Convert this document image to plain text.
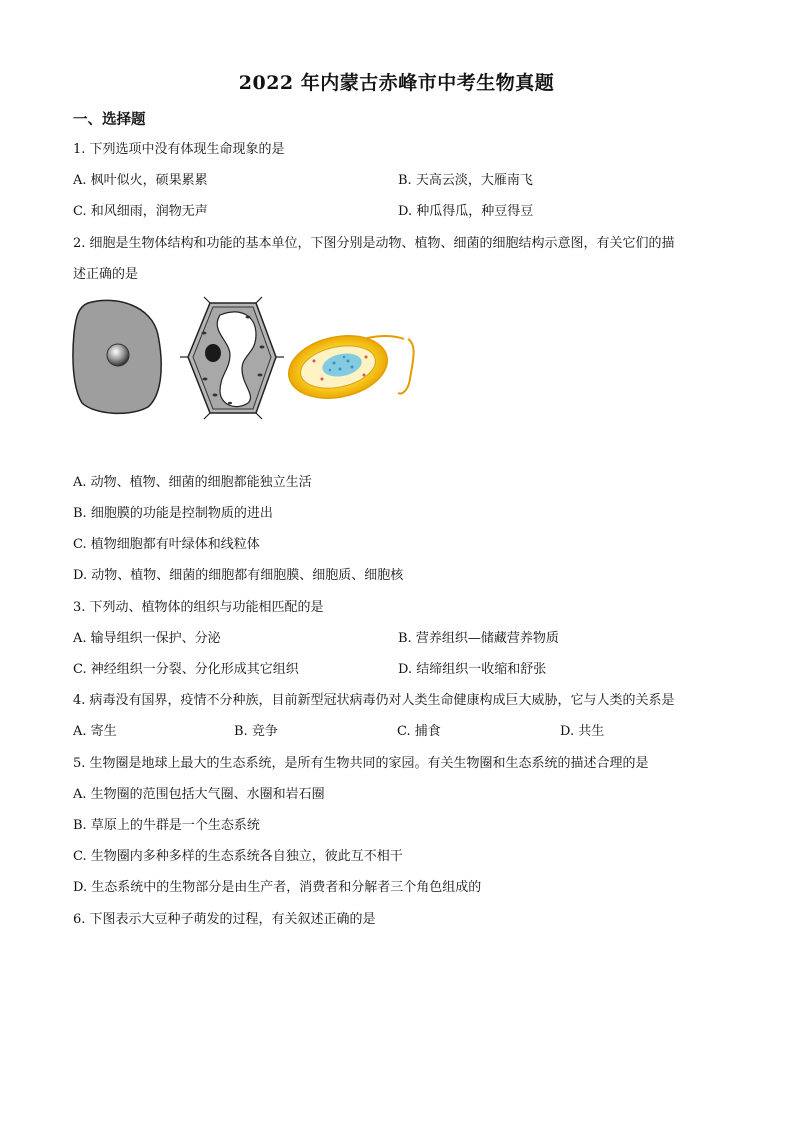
2022 年内蒙古赤峰市中考生物真题
一、选择题
1. 下列选项中没有体现生命现象的是
A. 枫叶似火，硕果累累	B. 天高云淡，大雁南飞
C. 和风细雨，润物无声	D. 种瓜得瓜，种豆得豆
2. 细胞是生物体结构和功能的基本单位，下图分别是动物、植物、细菌的细胞结构示意图，有关它们的描
述正确的是
A. 动物、植物、细菌的细胞都能独立生活
B. 细胞膜的功能是控制物质的进出
C. 植物细胞都有叶绿体和线粒体
D. 动物、植物、细菌的细胞都有细胞膜、细胞质、细胞核
3. 下列动、植物体的组织与功能相匹配的是
A. 输导组织一保护、分泌	B. 营养组织—储藏营养物质
C. 神经组织一分裂、分化形成其它组织	D. 结缔组织一收缩和舒张
4. 病毒没有国界，疫情不分种族，目前新型冠状病毒仍对人类生命健康构成巨大威胁，它与人类的关系是
A. 寄生	B. 竞争	C. 捕食	D. 共生
5. 生物圈是地球上最大的生态系统，是所有生物共同的家园。有关生物圈和生态系统的描述合理的是
A. 生物圈的范围包括大气圈、水圈和岩石圈
B. 草原上的牛群是一个生态系统
C. 生物圈内多种多样的生态系统各自独立，彼此互不相干
D. 生态系统中的生物部分是由生产者，消费者和分解者三个角色组成的
6. 下图表示大豆种子萌发的过程，有关叙述正确的是
